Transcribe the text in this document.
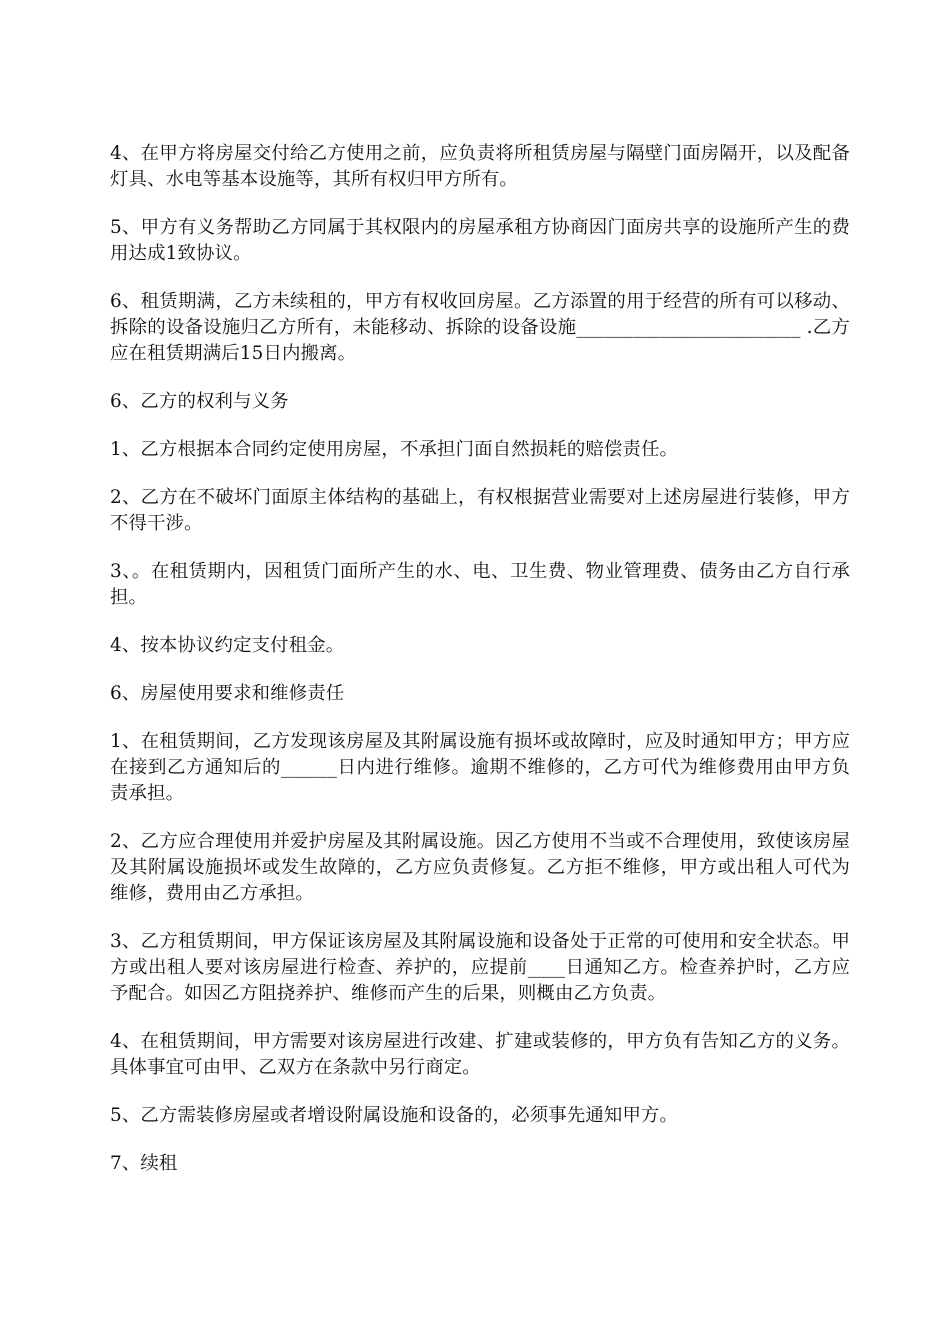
4、在甲方将房屋交付给乙方使用之前，应负责将所租赁房屋与隔壁门面房隔开，以及配备灯具、水电等基本设施等，其所有权归甲方所有。

5、甲方有义务帮助乙方同属于其权限内的房屋承租方协商因门面房共享的设施所产生的费用达成1致协议。

6、租赁期满，乙方未续租的，甲方有权收回房屋。乙方添置的用于经营的所有可以移动、拆除的设备设施归乙方所有，未能移动、拆除的设备设施________________________ .乙方应在租赁期满后15日内搬离。

6、乙方的权利与义务

1、乙方根据本合同约定使用房屋，不承担门面自然损耗的赔偿责任。

2、乙方在不破坏门面原主体结构的基础上，有权根据营业需要对上述房屋进行装修，甲方不得干涉。

3、。在租赁期内，因租赁门面所产生的水、电、卫生费、物业管理费、债务由乙方自行承担。

4、按本协议约定支付租金。

6、房屋使用要求和维修责任

1、在租赁期间，乙方发现该房屋及其附属设施有损坏或故障时，应及时通知甲方；甲方应在接到乙方通知后的______日内进行维修。逾期不维修的，乙方可代为维修费用由甲方负责承担。

2、乙方应合理使用并爱护房屋及其附属设施。因乙方使用不当或不合理使用，致使该房屋及其附属设施损坏或发生故障的，乙方应负责修复。乙方拒不维修，甲方或出租人可代为维修，费用由乙方承担。

3、乙方租赁期间，甲方保证该房屋及其附属设施和设备处于正常的可使用和安全状态。甲方或出租人要对该房屋进行检查、养护的，应提前____日通知乙方。检查养护时，乙方应予配合。如因乙方阻挠养护、维修而产生的后果，则概由乙方负责。

4、在租赁期间，甲方需要对该房屋进行改建、扩建或装修的，甲方负有告知乙方的义务。具体事宜可由甲、乙双方在条款中另行商定。

5、乙方需装修房屋或者增设附属设施和设备的，必须事先通知甲方。

7、续租
